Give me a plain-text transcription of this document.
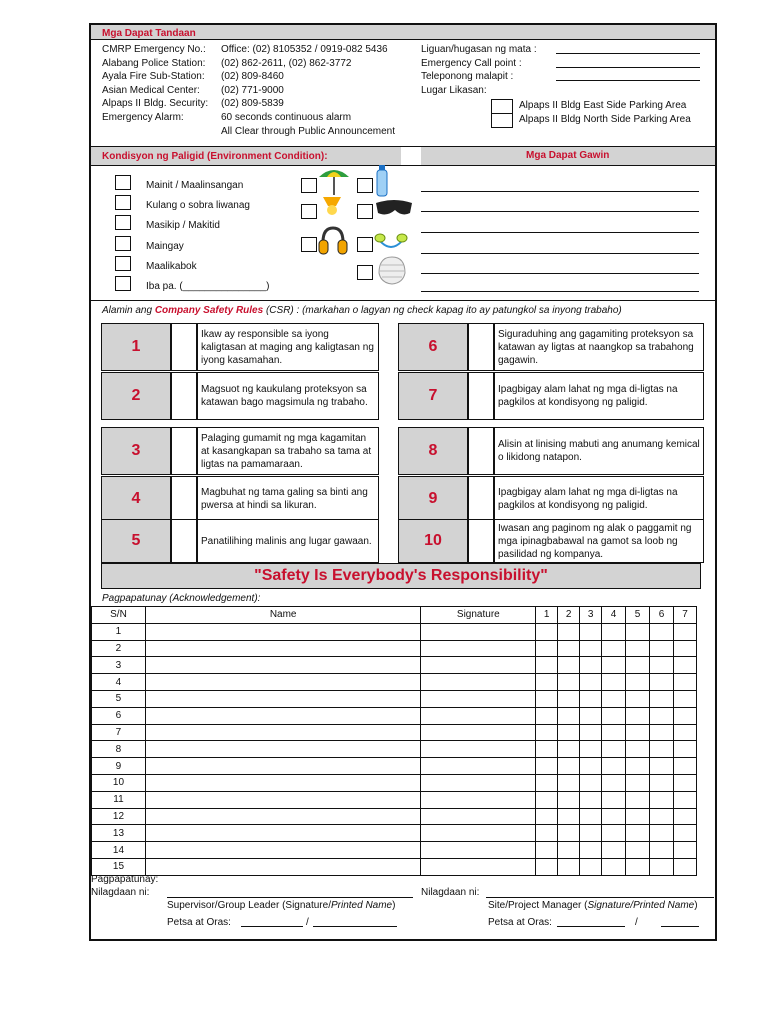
Mga Dapat Tandaan
CMRP Emergency No.: Office: (02) 8105352 / 0919-082 5436
Alabang Police Station: (02) 862-2611, (02) 862-3772
Ayala Fire Sub-Station: (02) 809-8460
Asian Medical Center: (02) 771-9000
Alpaps II Bldg. Security: (02) 809-5839
Emergency Alarm:	60 seconds continuous alarm
All Clear through Public Announcement
Liguan/hugasan ng mata :
Emergency Call point :
Teleponong malapit :
Lugar Likasan:
Alpaps II Bldg East Side Parking Area
Alpaps II Bldg North Side Parking Area
Kondisyon ng Paligid (Environment Condition):	Mga Dapat Gawin
Mainit / Maalinsangan
Kulang o sobra liwanag
Masikip / Makitid
Maingay
Maalikabok
Iba pa. (_______________)
Alamin ang Company Safety Rules (CSR) : (markahan o lagyan ng check kapag ito ay patungkol sa inyong trabaho)
1
Ikaw ay responsible sa iyong kaligtasan at maging ang kaligtasan ng iyong kasamahan.
2	Magsuot ng kaukulang proteksyon sa katawan bago magsimula ng trabaho.
3
Palaging gumamit ng mga kagamitan at kasangkapan sa trabaho sa tama at ligtas na pamamaraan.
4	Magbuhat ng tama galing sa binti ang pwersa at hindi sa likuran.
5	Panatilihing malinis ang lugar gawaan.
6
Siguraduhing ang gagamiting proteksyon sa katawan ay ligtas at naangkop sa trabahong gagawin.
7	Ipagbigay alam lahat ng mga di-ligtas na pagkilos at kondisyong ng paligid.
8	Alisin at linising mabuti ang anumang kemical o likidong natapon.
9	Ipagbigay alam lahat ng mga di-ligtas na pagkilos at kondisyong ng paligid.
10
Iwasan ang paginom ng alak o paggamit ng mga ipinagbabawal na gamot sa loob ng pasilidad ng kompanya.
"Safety Is Everybody's Responsibility"
Pagpapatunay (Acknowledgement):
S/N	Name	Signature	1	2	3	4	5	6	7
1									
2									
3									
4									
5									
6									
7									
8									
9									
10									
11									
12									
13									
14									
15									
Pagpapatunay:
Nilagdaan ni:	Nilagdaan ni:
Supervisor/Group Leader (Signature/Printed Name)	Site/Project Manager (Signature/Printed Name)
Petsa at Oras:	/	Petsa at Oras:	/
